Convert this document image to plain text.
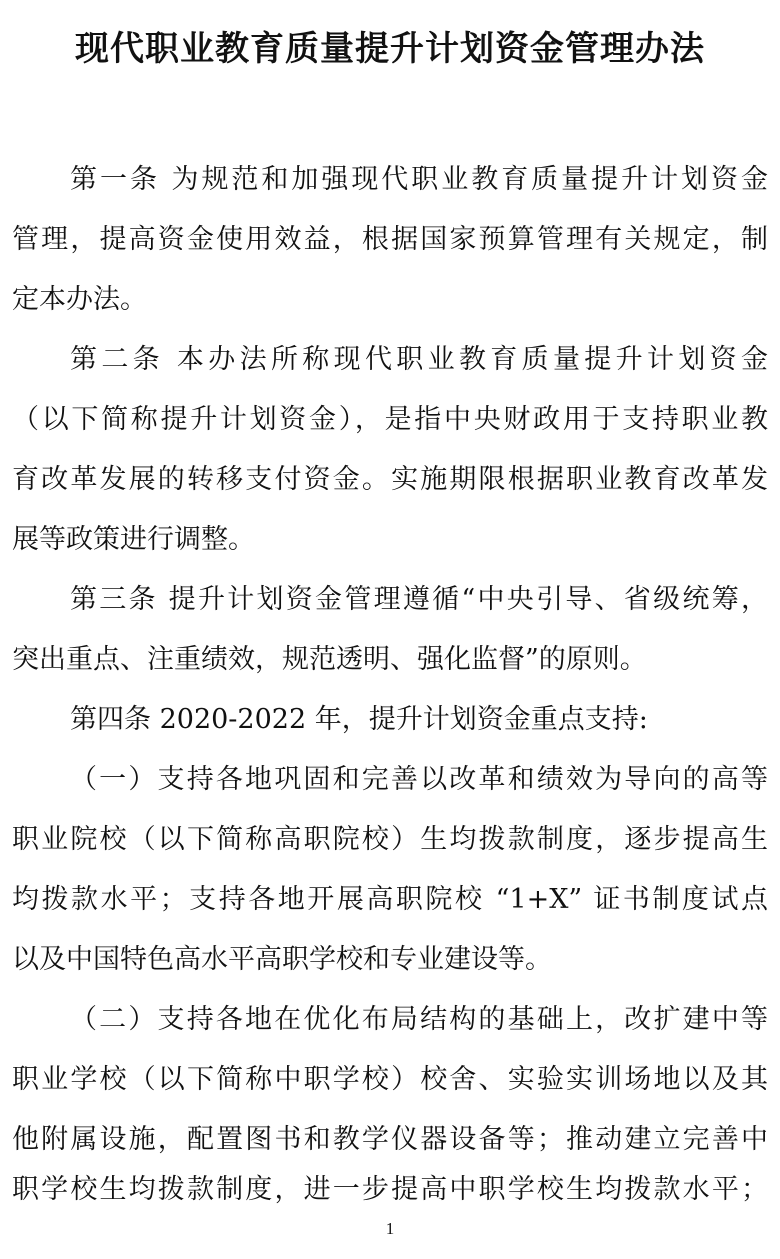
现代职业教育质量提升计划资金管理办法
第一条 为规范和加强现代职业教育质量提升计划资金
管理，提高资金使用效益，根据国家预算管理有关规定，制
定本办法。
第二条 本办法所称现代职业教育质量提升计划资金
（以下简称提升计划资金），是指中央财政用于支持职业教
育改革发展的转移支付资金。实施期限根据职业教育改革发
展等政策进行调整。
第三条 提升计划资金管理遵循“中央引导、省级统筹，
突出重点、注重绩效，规范透明、强化监督”的原则。
第四条 2020-2022 年，提升计划资金重点支持:
（一）支持各地巩固和完善以改革和绩效为导向的高等
职业院校（以下简称高职院校）生均拨款制度，逐步提高生
均拨款水平；支持各地开展高职院校 “1+X” 证书制度试点
以及中国特色高水平高职学校和专业建设等。
（二）支持各地在优化布局结构的基础上，改扩建中等
职业学校（以下简称中职学校）校舍、实验实训场地以及其
他附属设施，配置图书和教学仪器设备等；推动建立完善中
职学校生均拨款制度，进一步提高中职学校生均拨款水平；
1
